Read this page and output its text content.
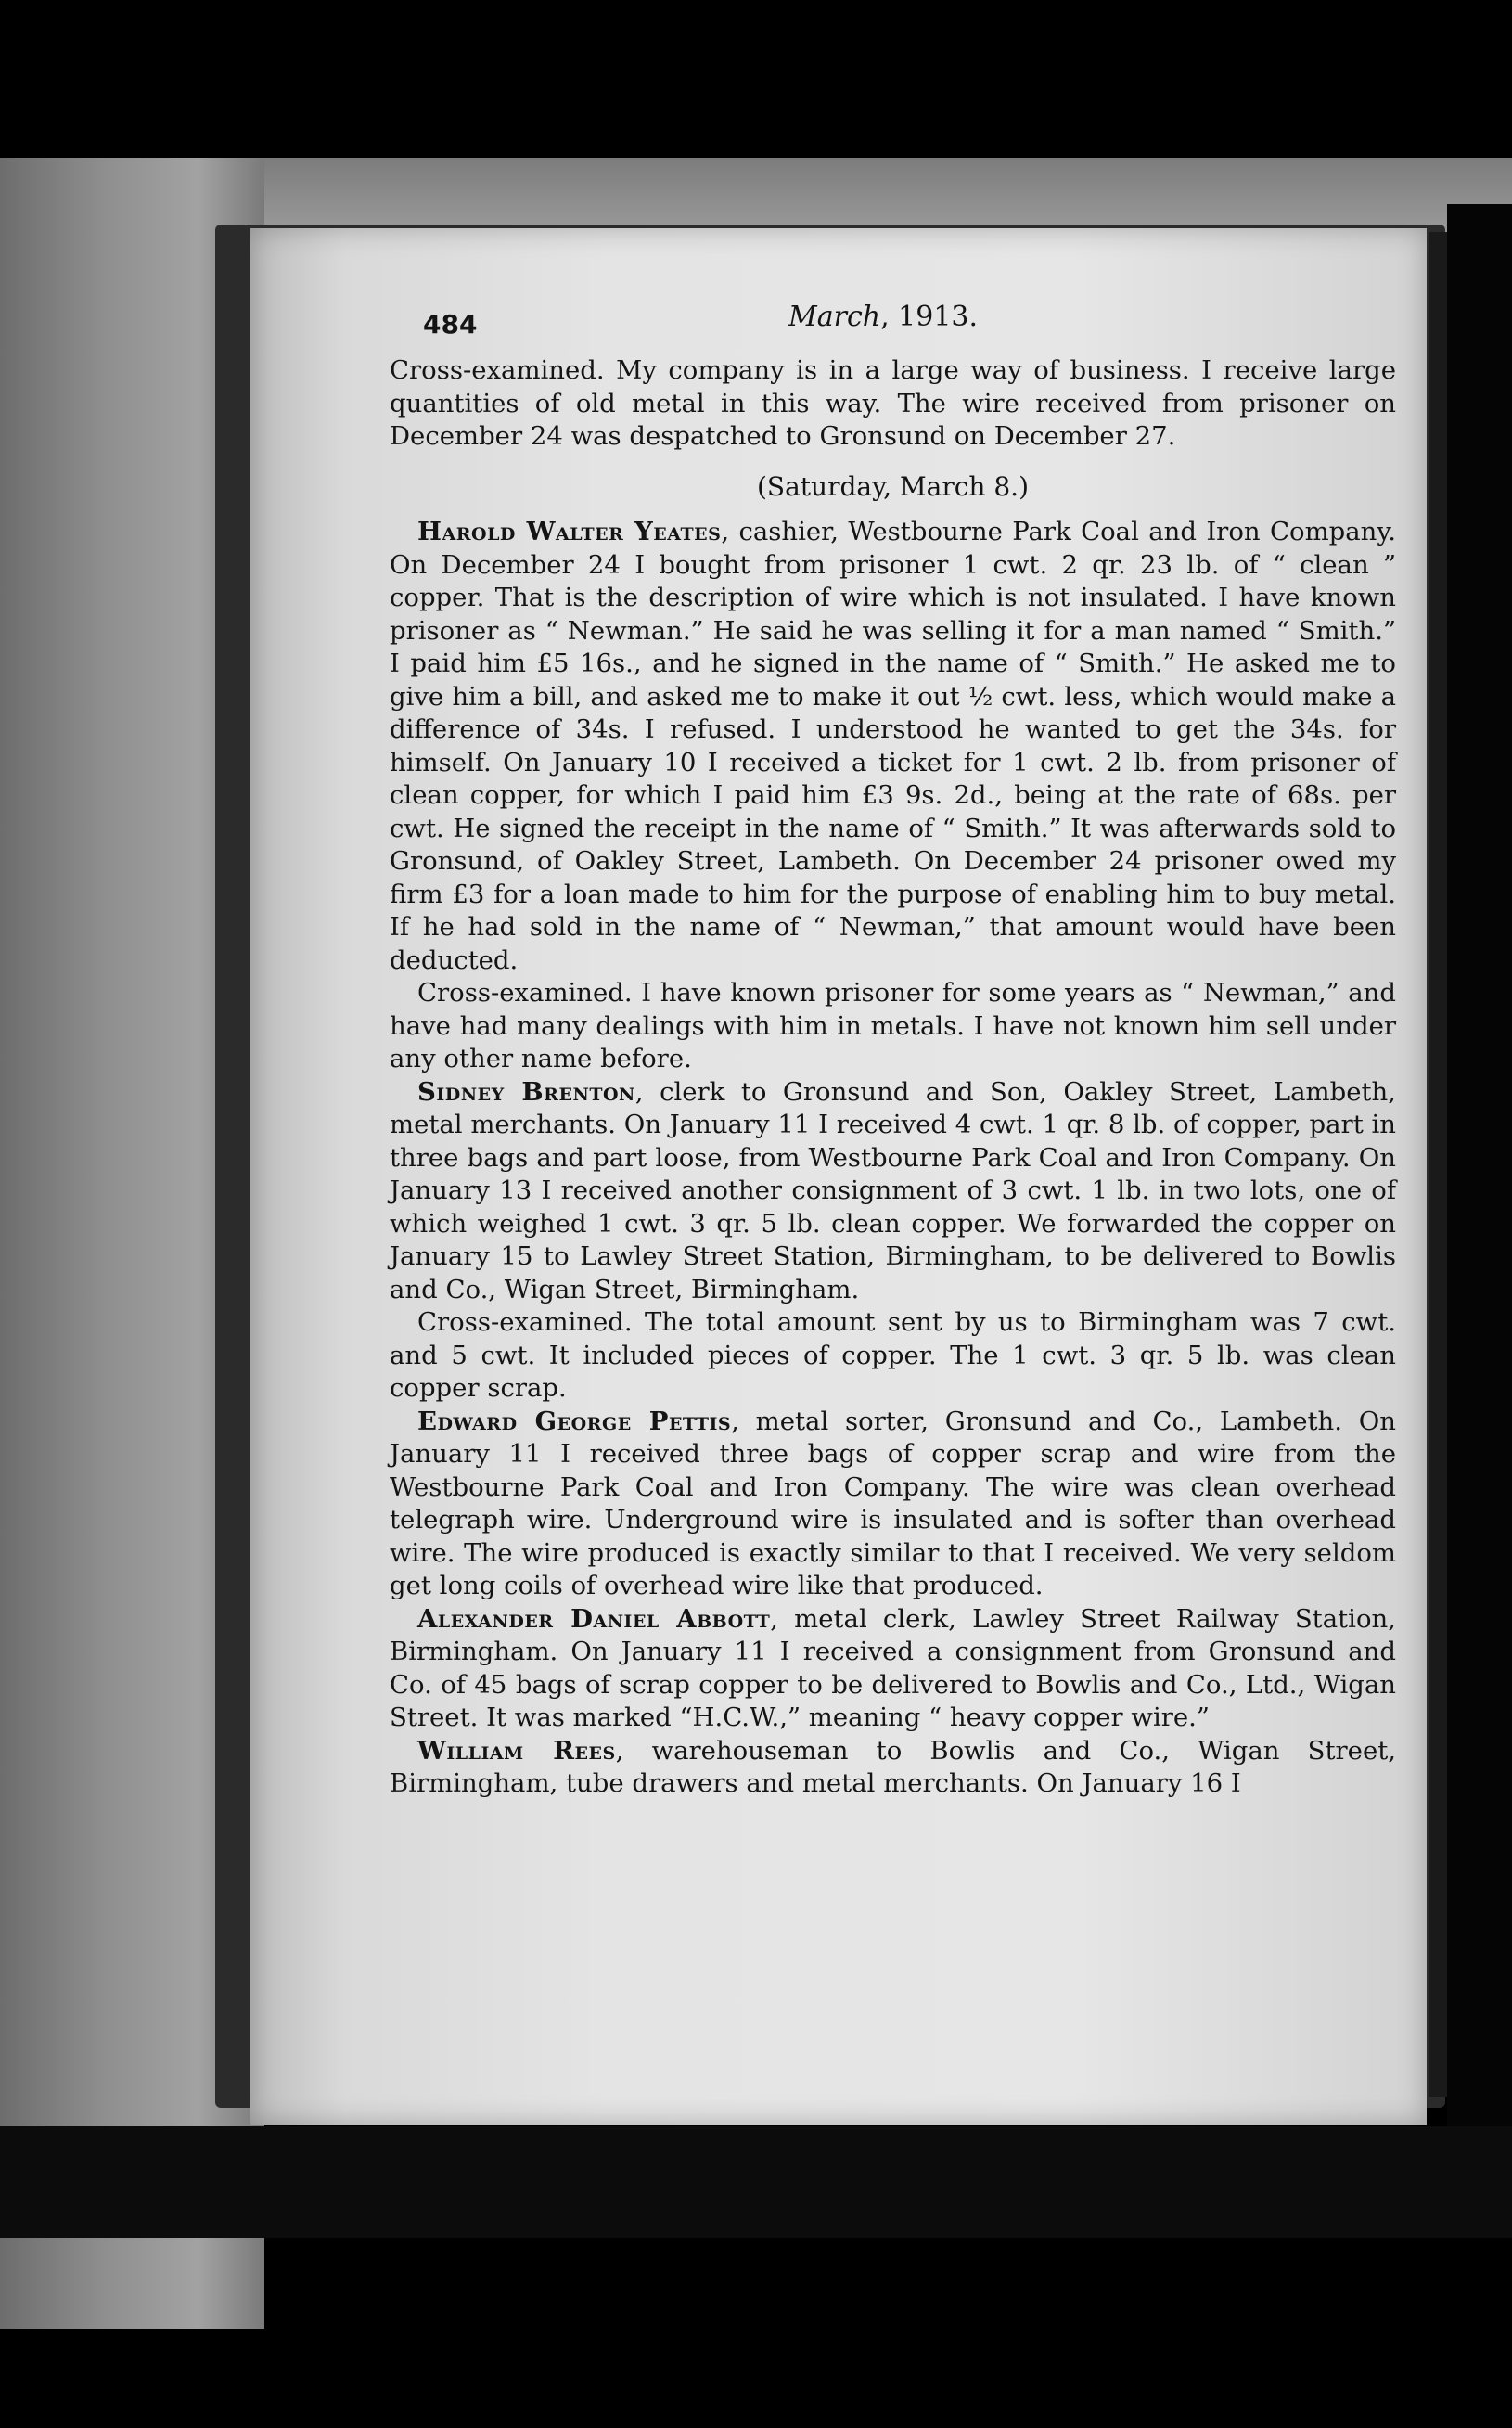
484	March, 1913.

Cross-examined. My company is in a large way of business. I receive large quantities of old metal in this way. The wire received from prisoner on December 24 was despatched to Gronsund on December 27.

(Saturday, March 8.)

Harold Walter Yeates, cashier, Westbourne Park Coal and Iron Company. On December 24 I bought from prisoner 1 cwt. 2 qr. 23 lb. of “ clean ” copper. That is the description of wire which is not insulated. I have known prisoner as “ Newman.” He said he was selling it for a man named “ Smith.” I paid him £5 16s., and he signed in the name of “ Smith.” He asked me to give him a bill, and asked me to make it out ½ cwt. less, which would make a difference of 34s. I refused. I understood he wanted to get the 34s. for himself. On January 10 I received a ticket for 1 cwt. 2 lb. from prisoner of clean copper, for which I paid him £3 9s. 2d., being at the rate of 68s. per cwt. He signed the receipt in the name of “ Smith.” It was afterwards sold to Gronsund, of Oakley Street, Lambeth. On December 24 prisoner owed my firm £3 for a loan made to him for the purpose of enabling him to buy metal. If he had sold in the name of “ Newman,” that amount would have been deducted.

Cross-examined. I have known prisoner for some years as “ Newman,” and have had many dealings with him in metals. I have not known him sell under any other name before.

Sidney Brenton, clerk to Gronsund and Son, Oakley Street, Lambeth, metal merchants. On January 11 I received 4 cwt. 1 qr. 8 lb. of copper, part in three bags and part loose, from Westbourne Park Coal and Iron Company. On January 13 I received another consignment of 3 cwt. 1 lb. in two lots, one of which weighed 1 cwt. 3 qr. 5 lb. clean copper. We forwarded the copper on January 15 to Lawley Street Station, Birmingham, to be delivered to Bowlis and Co., Wigan Street, Birmingham.

Cross-examined. The total amount sent by us to Birmingham was 7 cwt. and 5 cwt. It included pieces of copper. The 1 cwt. 3 qr. 5 lb. was clean copper scrap.

Edward George Pettis, metal sorter, Gronsund and Co., Lambeth. On January 11 I received three bags of copper scrap and wire from the Westbourne Park Coal and Iron Company. The wire was clean overhead telegraph wire. Underground wire is insulated and is softer than overhead wire. The wire produced is exactly similar to that I received. We very seldom get long coils of overhead wire like that produced.

Alexander Daniel Abbott, metal clerk, Lawley Street Railway Station, Birmingham. On January 11 I received a consignment from Gronsund and Co. of 45 bags of scrap copper to be delivered to Bowlis and Co., Ltd., Wigan Street. It was marked “H.C.W.,” meaning “ heavy copper wire.”

William Rees, warehouseman to Bowlis and Co., Wigan Street, Birmingham, tube drawers and metal merchants. On January 16 I
